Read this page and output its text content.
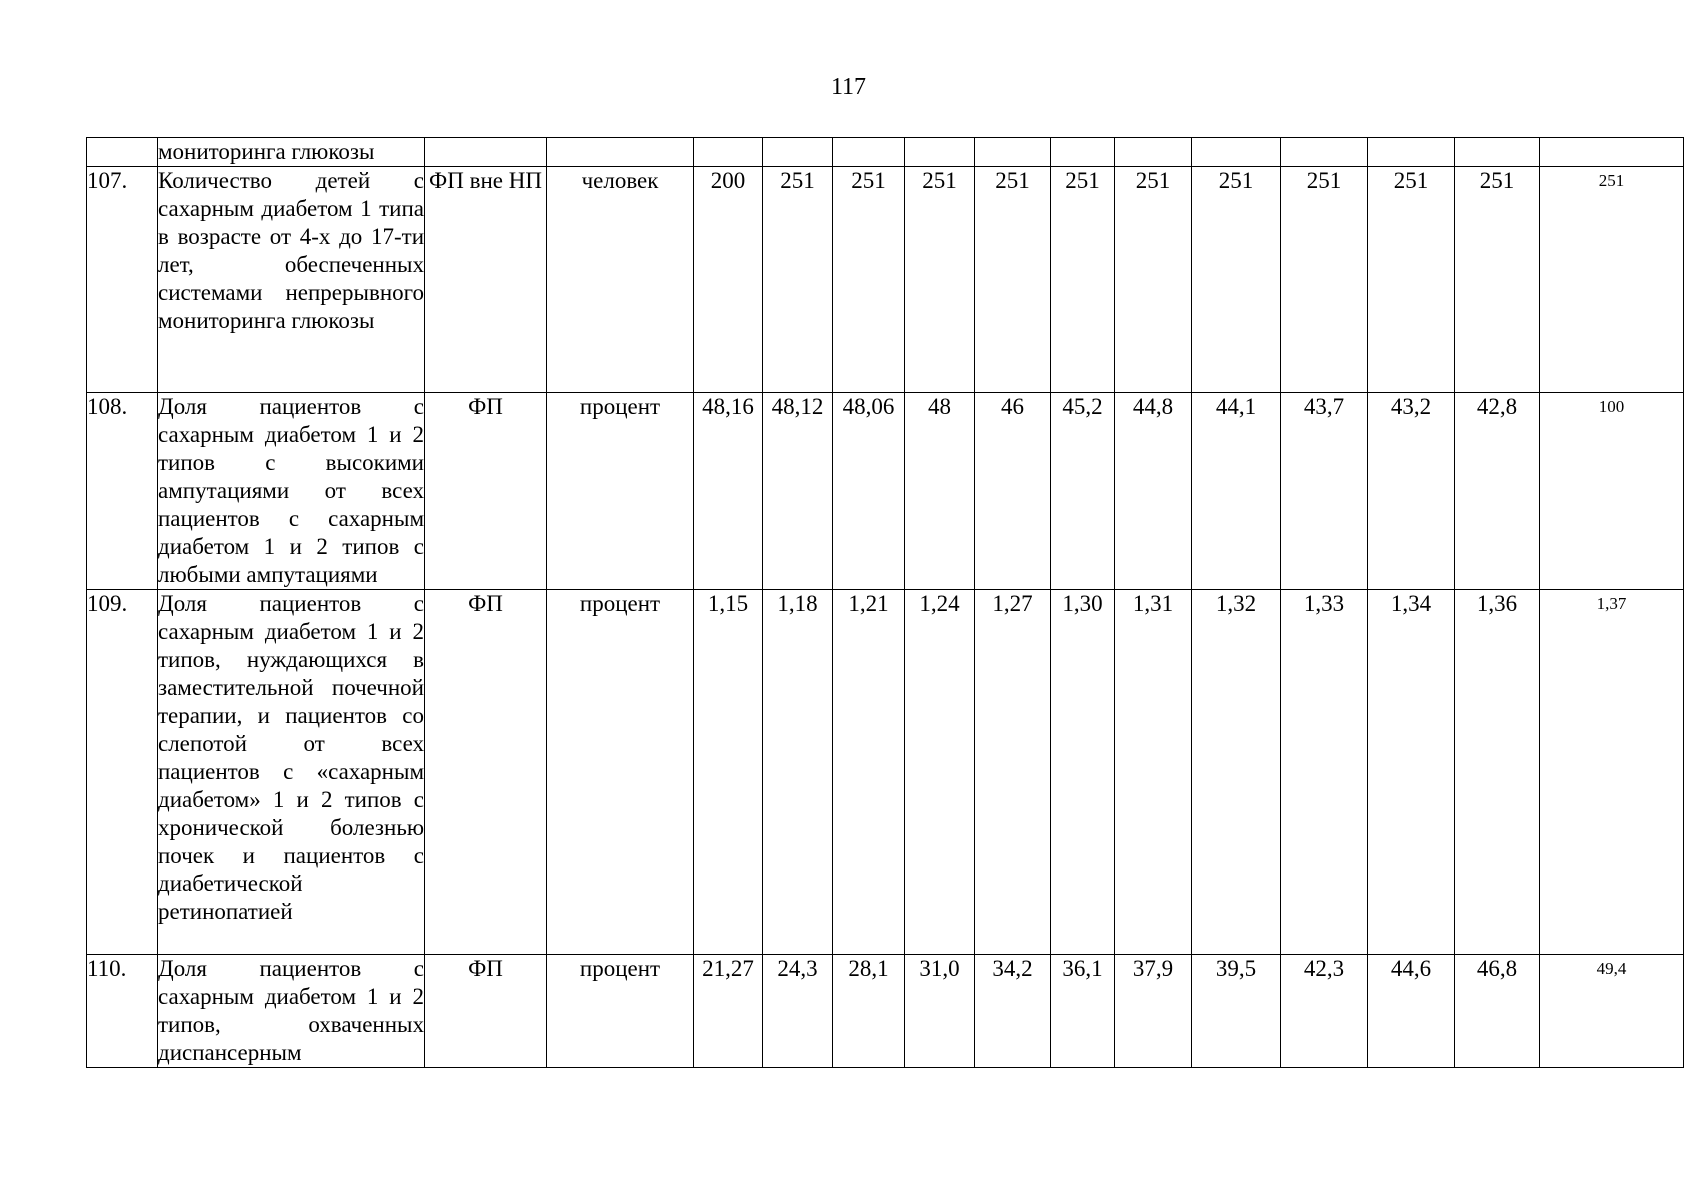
117
	мониторинга глюкозы														
107.	Количество детей с сахарным диабетом 1 типа в возрасте от 4-х до 17-ти лет, обеспеченных системами непрерывного мониторинга глюкозы	ФП вне НП	человек	200	251	251	251	251	251	251	251	251	251	251	251
108.	Доля пациентов с сахарным диабетом 1 и 2 типов с высокими ампутациями от всех пациентов с сахарным диабетом 1 и 2 типов с любыми ампутациями	ФП	процент	48,16	48,12	48,06	48	46	45,2	44,8	44,1	43,7	43,2	42,8	100
109.	Доля пациентов с сахарным диабетом 1 и 2 типов, нуждающихся в заместительной почечной терапии, и пациентов со слепотой от всех пациентов с «сахарным диабетом» 1 и 2 типов с хронической болезнью почек и пациентов с диабетической ретинопатией	ФП	процент	1,15	1,18	1,21	1,24	1,27	1,30	1,31	1,32	1,33	1,34	1,36	1,37
110.	Доля пациентов с сахарным диабетом 1 и 2 типов, охваченных диспансерным	ФП	процент	21,27	24,3	28,1	31,0	34,2	36,1	37,9	39,5	42,3	44,6	46,8	49,4
